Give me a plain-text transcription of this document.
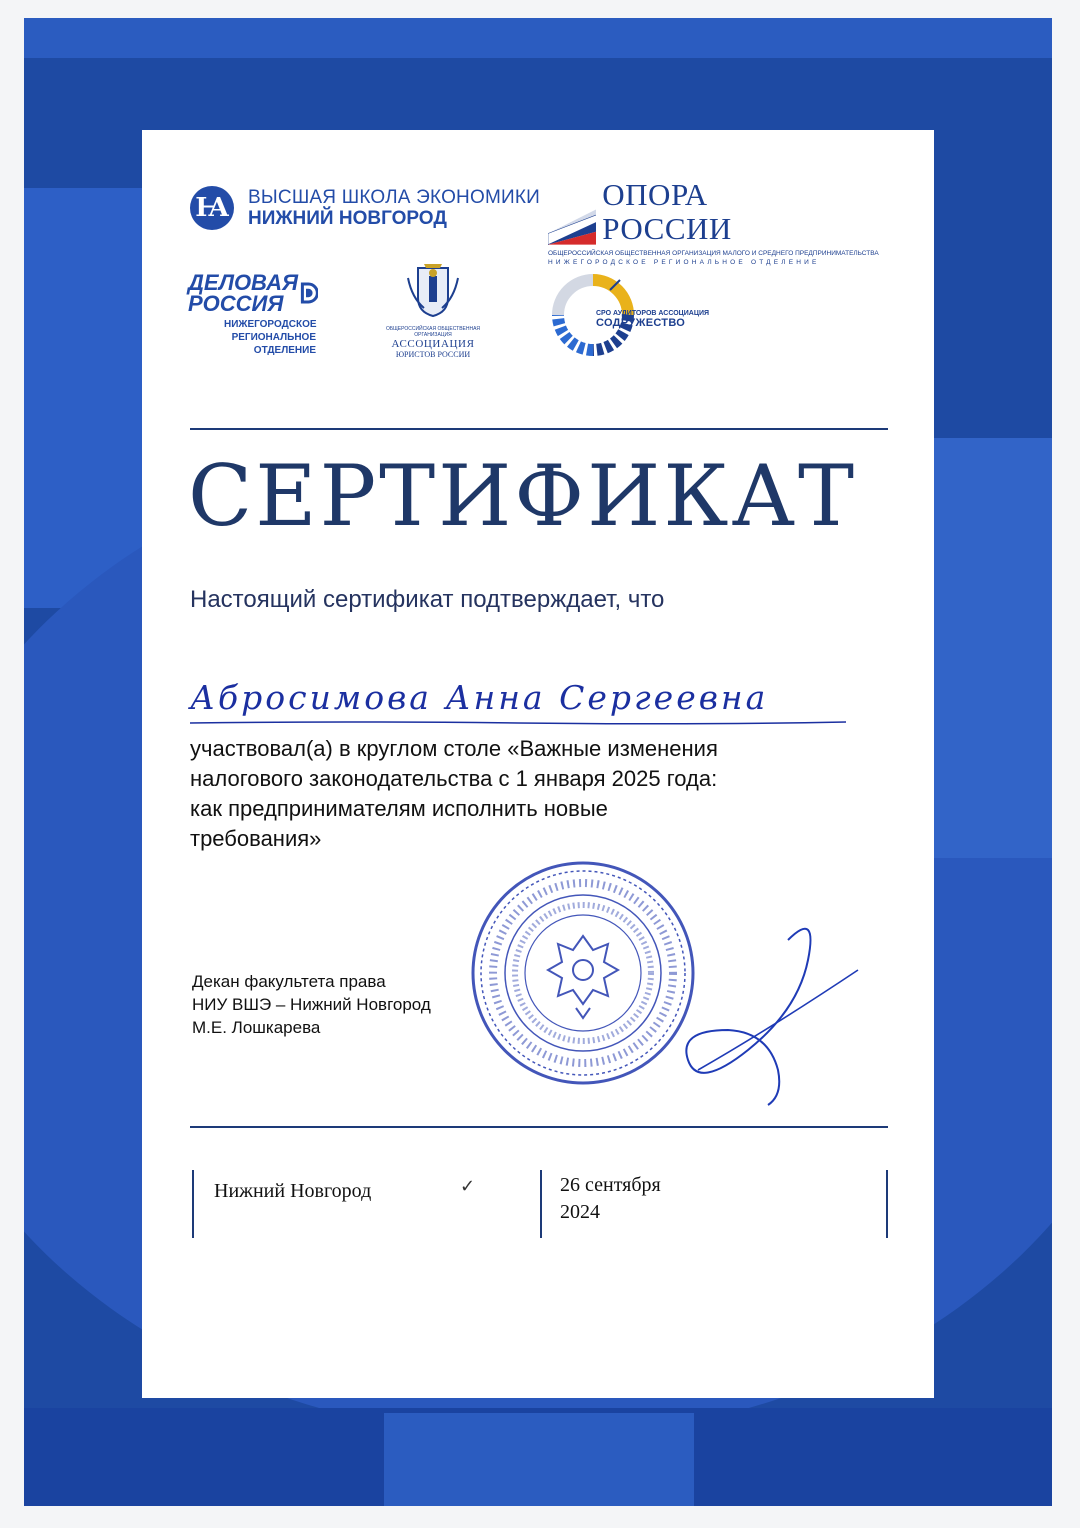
Ꙗ ВЫСШАЯ ШКОЛА ЭКОНОМИКИ
НИЖНИЙ НОВГОРОД
ОПОРА РОССИИ
ОБЩЕРОССИЙСКАЯ ОБЩЕСТВЕННАЯ ОРГАНИЗАЦИЯ МАЛОГО И СРЕДНЕГО ПРЕДПРИНИМАТЕЛЬСТВА
НИЖЕГОРОДСКОЕ РЕГИОНАЛЬНОЕ ОТДЕЛЕНИЕ
ДЕЛОВАЯ
РОССИЯ
НИЖЕГОРОДСКОЕ
РЕГИОНАЛЬНОЕ
ОТДЕЛЕНИЕ
ОБЩЕРОССИЙСКАЯ ОБЩЕСТВЕННАЯ ОРГАНИЗАЦИЯ
АССОЦИАЦИЯ
ЮРИСТОВ РОССИИ
СРО АУДИТОРОВ АССОЦИАЦИЯ
СОДРУЖЕСТВО
СЕРТИФИКАТ
Настоящий сертификат подтверждает, что
Абросимова Анна Сергеевна
участвовал(а) в круглом столе «Важные изменения
налогового законодательства с 1 января 2025 года:
как предпринимателям исполнить новые
требования»
Декан факультета права
НИУ ВШЭ – Нижний Новгород
М.Е. Лошкарева
Нижний Новгород	✓	26 сентября
2024
